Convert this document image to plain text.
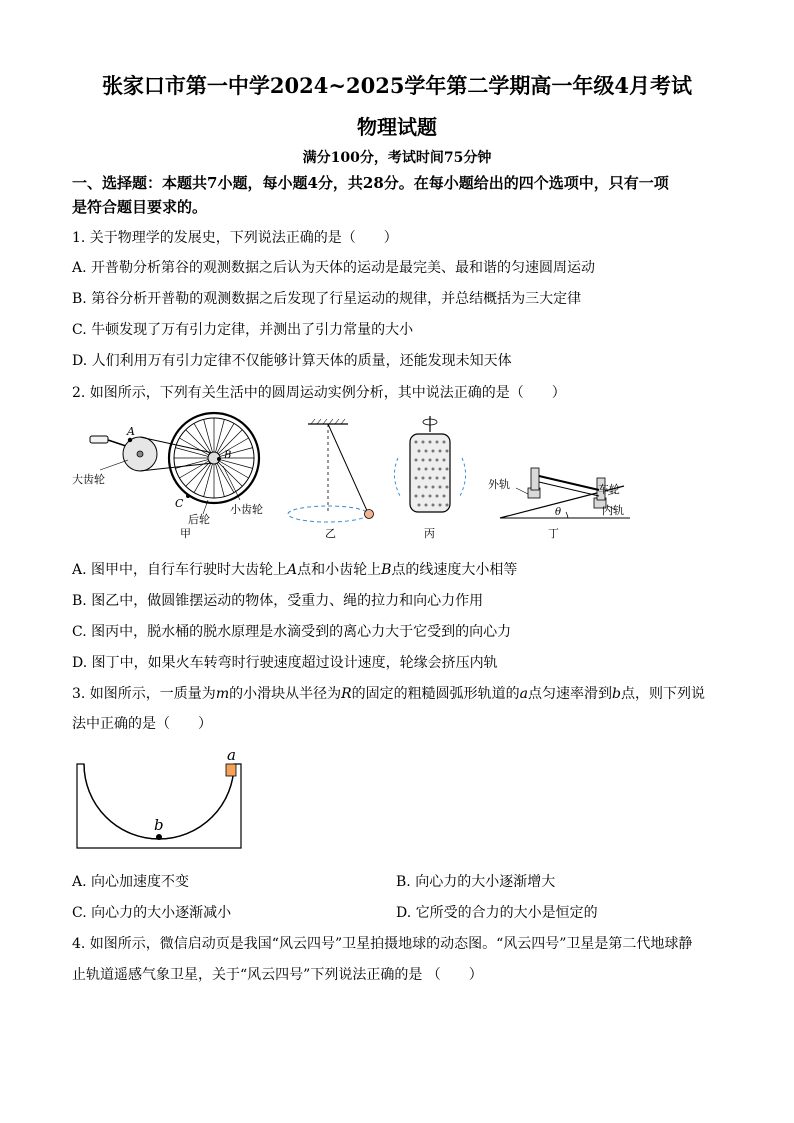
张家口市第一中学2024~2025学年第二学期高一年级4月考试
物理试题
满分100分，考试时间75分钟
一、选择题：本题共7小题，每小题4分，共28分。在每小题给出的四个选项中，只有一项
是符合题目要求的。
1. 关于物理学的发展史，下列说法正确的是（　　）
A. 开普勒分析第谷的观测数据之后认为天体的运动是最完美、最和谐的匀速圆周运动
B. 第谷分析开普勒的观测数据之后发现了行星运动的规律，并总结概括为三大定律
C. 牛顿发现了万有引力定律，并测出了引力常量的大小
D. 人们利用万有引力定律不仅能够计算天体的质量，还能发现未知天体
2. 如图所示，下列有关生活中的圆周运动实例分析，其中说法正确的是（　　）
A
B
C
大齿轮
后轮
小齿轮
甲	乙	丙
外轨	车轮
内轨
θ
丁
A. 图甲中，自行车行驶时大齿轮上A点和小齿轮上B点的线速度大小相等
B. 图乙中，做圆锥摆运动的物体，受重力、绳的拉力和向心力作用
C. 图丙中，脱水桶的脱水原理是水滴受到的离心力大于它受到的向心力
D. 图丁中，如果火车转弯时行驶速度超过设计速度，轮缘会挤压内轨
3. 如图所示，一质量为m的小滑块从半径为R的固定的粗糙圆弧形轨道的a点匀速率滑到b点，则下列说
法中正确的是（　　）
a
b
A. 向心加速度不变	B. 向心力的大小逐渐增大
C. 向心力的大小逐渐减小	D. 它所受的合力的大小是恒定的
4. 如图所示，微信启动页是我国“风云四号”卫星拍摄地球的动态图。“风云四号”卫星是第二代地球静
止轨道遥感气象卫星，关于“风云四号”下列说法正确的是 （　　）
